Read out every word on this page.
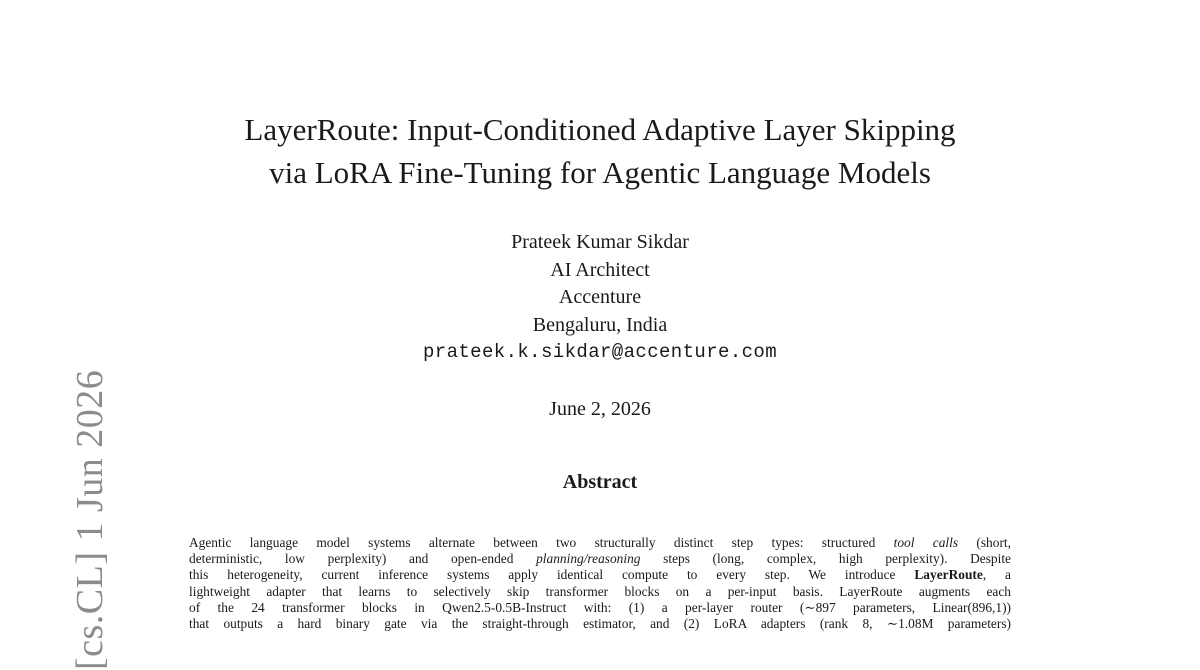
[cs.CL] 1 Jun 2026
LayerRoute: Input-Conditioned Adaptive Layer Skipping
via LoRA Fine-Tuning for Agentic Language Models
Prateek Kumar Sikdar
AI Architect
Accenture
Bengaluru, India
prateek.k.sikdar@accenture.com
June 2, 2026
Abstract
Agentic language model systems alternate between two structurally distinct step types: structured tool calls (short,
deterministic, low perplexity) and open-ended planning/reasoning steps (long, complex, high perplexity). Despite
this heterogeneity, current inference systems apply identical compute to every step. We introduce LayerRoute, a
lightweight adapter that learns to selectively skip transformer blocks on a per-input basis. LayerRoute augments each
of the 24 transformer blocks in Qwen2.5-0.5B-Instruct with: (1) a per-layer router (∼897 parameters, Linear(896,1))
that outputs a hard binary gate via the straight-through estimator, and (2) LoRA adapters (rank 8, ∼1.08M parameters)
